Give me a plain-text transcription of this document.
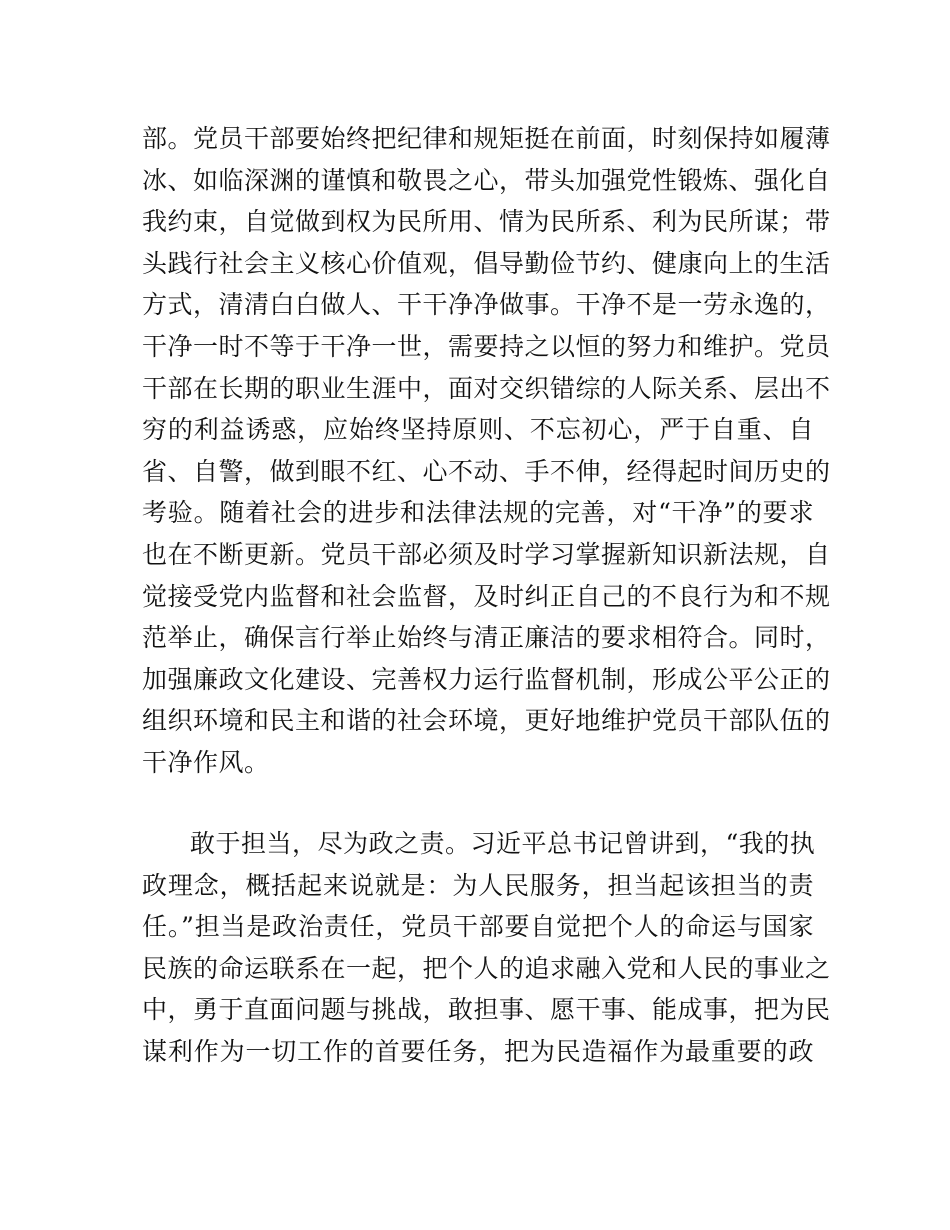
部。党员干部要始终把纪律和规矩挺在前面，时刻保持如履薄
冰、如临深渊的谨慎和敬畏之心，带头加强党性锻炼、强化自
我约束，自觉做到权为民所用、情为民所系、利为民所谋；带
头践行社会主义核心价值观，倡导勤俭节约、健康向上的生活
方式，清清白白做人、干干净净做事。干净不是一劳永逸的，
干净一时不等于干净一世，需要持之以恒的努力和维护。党员
干部在长期的职业生涯中，面对交织错综的人际关系、层出不
穷的利益诱惑，应始终坚持原则、不忘初心，严于自重、自
省、自警，做到眼不红、心不动、手不伸，经得起时间历史的
考验。随着社会的进步和法律法规的完善，对“干净”的要求
也在不断更新。党员干部必须及时学习掌握新知识新法规，自
觉接受党内监督和社会监督，及时纠正自己的不良行为和不规
范举止，确保言行举止始终与清正廉洁的要求相符合。同时，
加强廉政文化建设、完善权力运行监督机制，形成公平公正的
组织环境和民主和谐的社会环境，更好地维护党员干部队伍的
干净作风。
敢于担当，尽为政之责。习近平总书记曾讲到，“我的执
政理念，概括起来说就是：为人民服务，担当起该担当的责
任。”担当是政治责任，党员干部要自觉把个人的命运与国家
民族的命运联系在一起，把个人的追求融入党和人民的事业之
中，勇于直面问题与挑战，敢担事、愿干事、能成事，把为民
谋利作为一切工作的首要任务，把为民造福作为最重要的政
